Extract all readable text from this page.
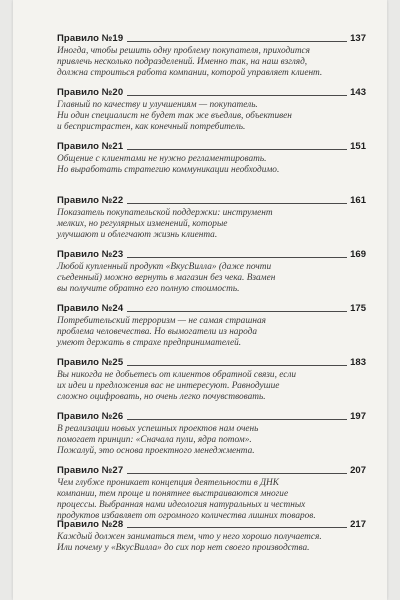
Правило №19	137
Иногда, чтобы решить одну проблему покупателя, приходится
привлечь несколько подразделений. Именно так, на наш взгляд,
должна строиться работа компании, которой управляет клиент.
Правило №20	143
Главный по качеству и улучшениям — покупатель.
Ни один специалист не будет так же въедлив, объективен
и беспристрастен, как конечный потребитель.
Правило №21	151
Общение с клиентами не нужно регламентировать.
Но выработать стратегию коммуникации необходимо.
Правило №22	161
Показатель покупательской поддержки: инструмент
мелких, но регулярных изменений, которые
улучшают и облегчают жизнь клиента.
Правило №23	169
Любой купленный продукт «ВкусВилла» (даже почти
съеденный) можно вернуть в магазин без чека. Взамен
вы получите обратно его полную стоимость.
Правило №24	175
Потребительский терроризм — не самая страшная
проблема человечества. Но вымогатели из народа
умеют держать в страхе предпринимателей.
Правило №25	183
Вы никогда не добьетесь от клиентов обратной связи, если
их идеи и предложения вас не интересуют. Равнодушие
сложно оцифровать, но очень легко почувствовать.
Правило №26	197
В реализации новых успешных проектов нам очень
помогает принцип: «Сначала пули, ядра потом».
Пожалуй, это основа проектного менеджмента.
Правило №27	207
Чем глубже проникает концепция деятельности в ДНК
компании, тем проще и понятнее выстраиваются многие
процессы. Выбранная нами идеология натуральных и честных
продуктов избавляет от огромного количества лишних товаров.
Правило №28	217
Каждый должен заниматься тем, что у него хорошо получается.
Или почему у «ВкусВилла» до сих пор нет своего производства.
